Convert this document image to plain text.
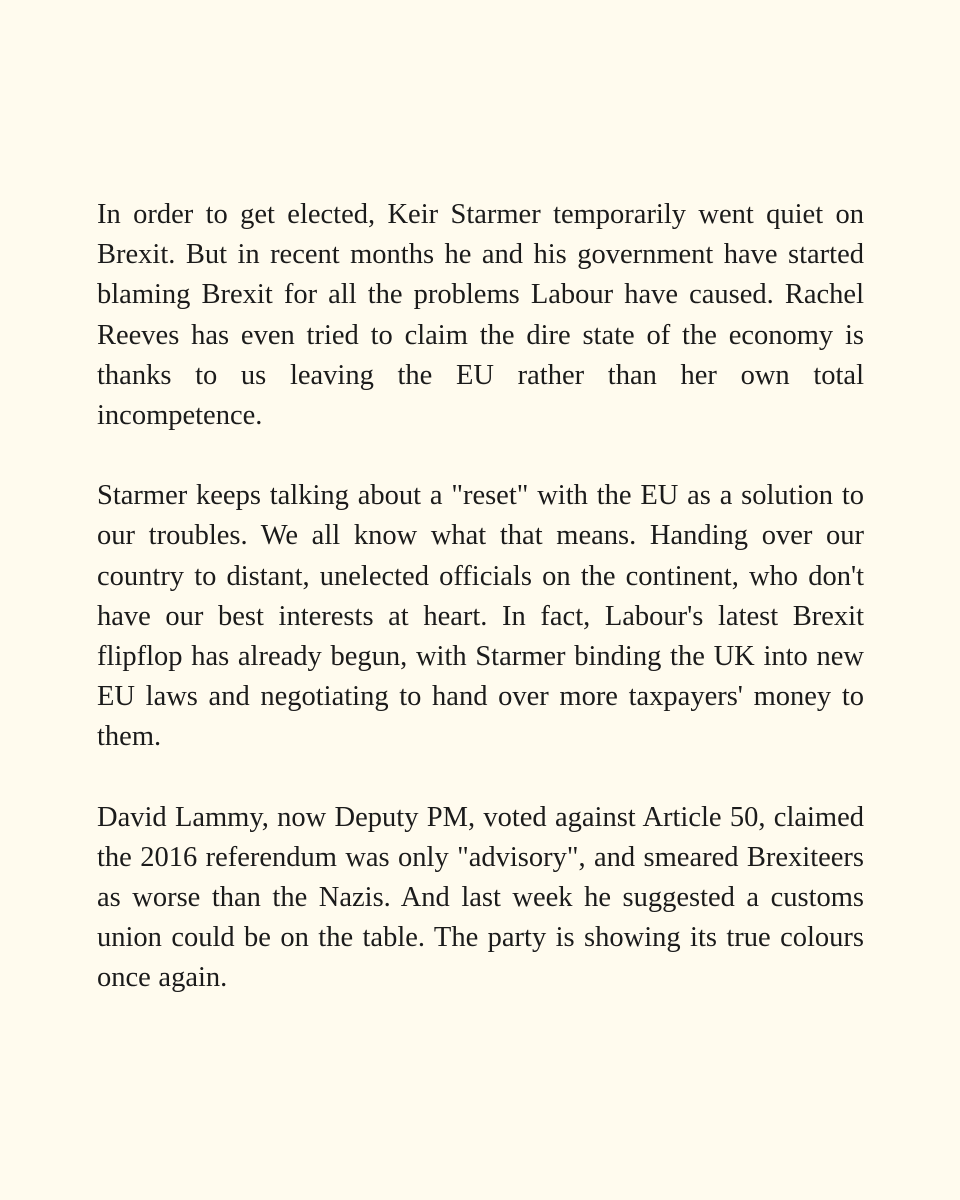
In order to get elected, Keir Starmer temporarily went quiet on Brexit. But in recent months he and his government have started blaming Brexit for all the problems Labour have caused. Rachel Reeves has even tried to claim the dire state of the economy is thanks to us leaving the EU rather than her own total incompetence.

Starmer keeps talking about a "reset" with the EU as a solution to our troubles. We all know what that means. Handing over our country to distant, unelected officials on the continent, who don't have our best interests at heart. In fact, Labour's latest Brexit flipflop has already begun, with Starmer binding the UK into new EU laws and negotiating to hand over more taxpayers' money to them.

David Lammy, now Deputy PM, voted against Article 50, claimed the 2016 referendum was only "advisory", and smeared Brexiteers as worse than the Nazis. And last week he suggested a customs union could be on the table. The party is showing its true colours once again.
